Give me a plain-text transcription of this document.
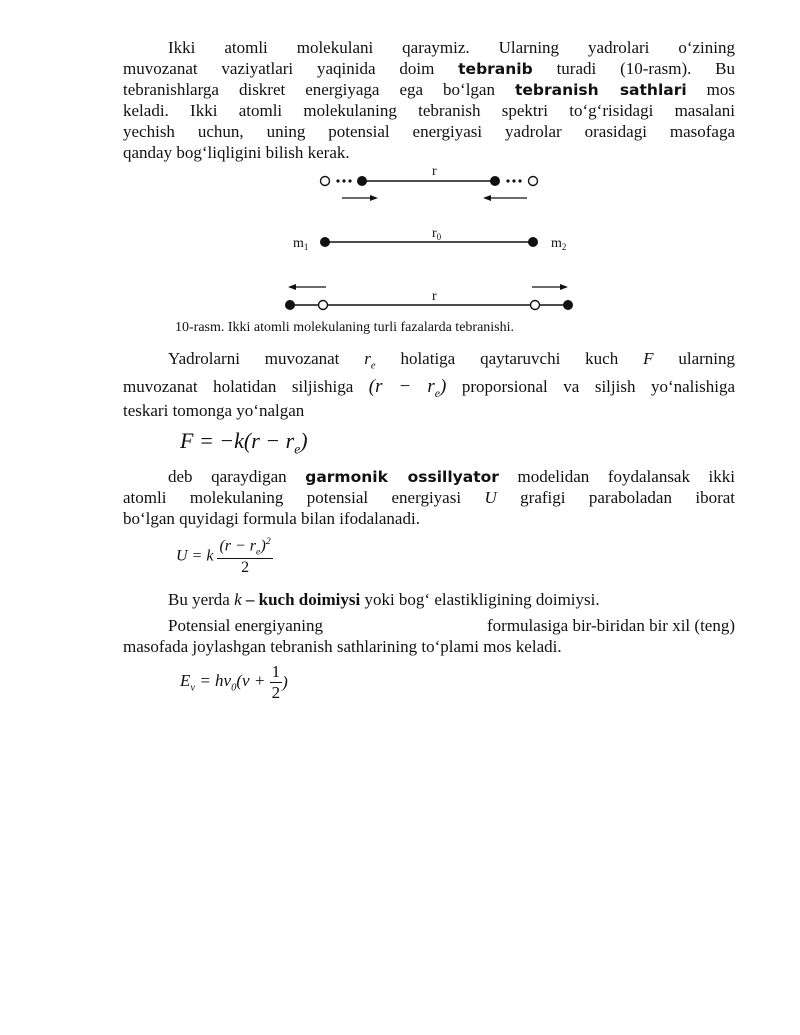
Ikki atomli molekulani qaraymiz. Ularning yadrolari o‘zining

muvozanat vaziyatlari yaqinida doim tebranib turadi (10-rasm). Bu

tebranishlarga diskret energiyaga ega bo‘lgan tebranish sathlari mos

keladi. Ikki atomli molekulaning tebranish spektri to‘g‘risidagi masalani

yechish uchun, uning potensial energiyasi yadrolar orasidagi masofaga

qanday bog‘liqligini bilish kerak.

r
$m_1$	$m_2$
$r_0$
r
10-rasm. Ikki atomli molekulaning turli fazalarda tebranishi.

Yadrolarni muvozanat $r_e$ holatiga qaytaruvchi kuch F ularning

muvozanat holatidan siljishiga $(r - r_e)$ proporsional va siljish yo‘nalishiga

teskari tomonga yo‘nalgan

$F = -k(r - r_e)$

deb qaraydigan garmonik ossillyator modelidan foydalansak ikki

atomli molekulaning potensial energiyasi U grafigi paraboladan iborat

bo‘lgan quyidagi formula bilan ifodalanadi.

U = k $\frac{(r - r_e)^2}{2}$

Bu yerda k – kuch doimiysi yoki bog‘ elastikligining doimiysi.

Potensial energiyaning	formulasiga bir-biridan bir xil (teng)

masofada joylashgan tebranish sathlarining to‘plami mos keladi.

$E_v = h\nu_0(v + \frac{1}{2}$ )
